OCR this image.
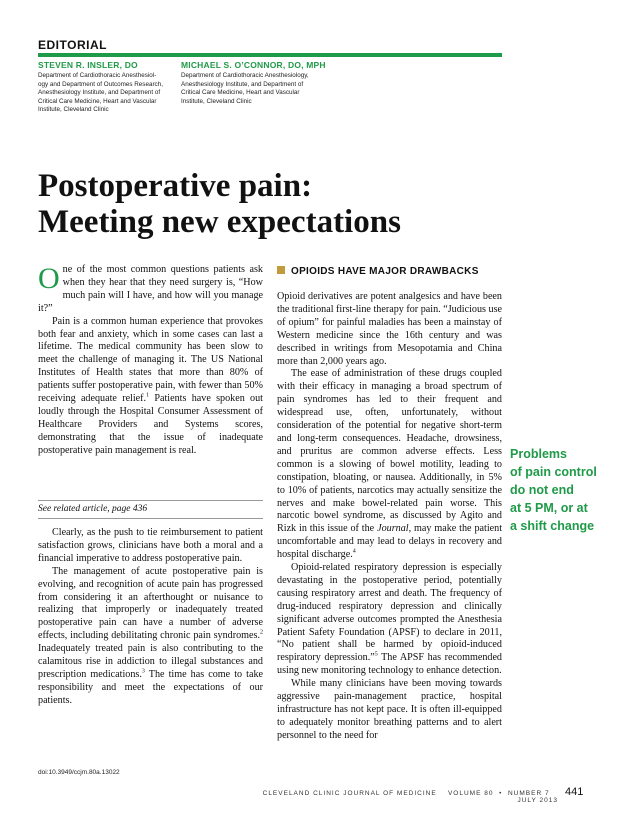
EDITORIAL
STEVEN R. INSLER, DO
Department of Cardiothoracic Anesthesiol-
ogy and Department of Outcomes Research,
Anesthesiology Institute, and Department of
Critical Care Medicine, Heart and Vascular
Institute, Cleveland Clinic
MICHAEL S. O’CONNOR, DO, MPH
Department of Cardiothoracic Anesthesiology,
Anesthesiology Institute, and Department of
Critical Care Medicine, Heart and Vascular
Institute, Cleveland Clinic
Postoperative pain:
Meeting new expectations

One of the most common questions patients ask when they hear that they need surgery is, “How much pain will I have, and how will you manage it?”

Pain is a common human experience that provokes both fear and anxiety, which in some cases can last a lifetime. The medical community has been slow to meet the challenge of managing it. The US National Institutes of Health states that more than 80% of patients suffer postoperative pain, with fewer than 50% receiving adequate relief.$^1$ Patients have spoken out loudly through the Hospital Consumer Assessment of Healthcare Providers and Systems scores, demonstrating that the issue of inadequate postoperative pain management is real.

See related article, page 436

Clearly, as the push to tie reimbursement to patient satisfaction grows, clinicians have both a moral and a financial imperative to address postoperative pain.

The management of acute postoperative pain is evolving, and recognition of acute pain has progressed from considering it an afterthought or nuisance to realizing that improperly or inadequately treated postoperative pain can have a number of adverse effects, including debilitating chronic pain syndromes.$^2$ Inadequately treated pain is also contributing to the calamitous rise in addiction to illegal substances and prescription medications.$^3$ The time has come to take responsibility and meet the expectations of our patients.

OPIOIDS HAVE MAJOR DRAWBACKS

Opioid derivatives are potent analgesics and have been the traditional first-line therapy for pain. “Judicious use of opium” for painful maladies has been a mainstay of Western medicine since the 16th century and was described in writings from Mesopotamia and China more than 2,000 years ago.

The ease of administration of these drugs coupled with their efficacy in managing a broad spectrum of pain syndromes has led to their frequent and widespread use, often, unfortunately, without consideration of the potential for negative short-term and long-term consequences. Headache, drowsiness, and pruritus are common adverse effects. Less common is a slowing of bowel motility, leading to constipation, bloating, or nausea. Additionally, in 5% to 10% of patients, narcotics may actually sensitize the nerves and make bowel-related pain worse. This narcotic bowel syndrome, as discussed by Agito and Rizk in this issue of the Journal, may make the patient uncomfortable and may lead to delays in recovery and hospital discharge.$^4$

Opioid-related respiratory depression is especially devastating in the postoperative period, potentially causing respiratory arrest and death. The frequency of drug-induced respiratory depression and clinically significant adverse outcomes prompted the Anesthesia Patient Safety Foundation (APSF) to declare in 2011, “No patient shall be harmed by opioid-induced respiratory depression.”$^5$ The APSF has recommended using new monitoring technology to enhance detection.

While many clinicians have been moving towards aggressive pain-management practice, hospital infrastructure has not kept pace. It is often ill-equipped to adequately monitor breathing patterns and to alert personnel to the need for

Problems
of pain control
do not end
at 5 PM, or at
a shift change
doi:10.3949/ccjm.80a.13022
CLEVELAND CLINIC JOURNAL OF MEDICINE VOLUME 80 • NUMBER 7    JULY 2013
441
